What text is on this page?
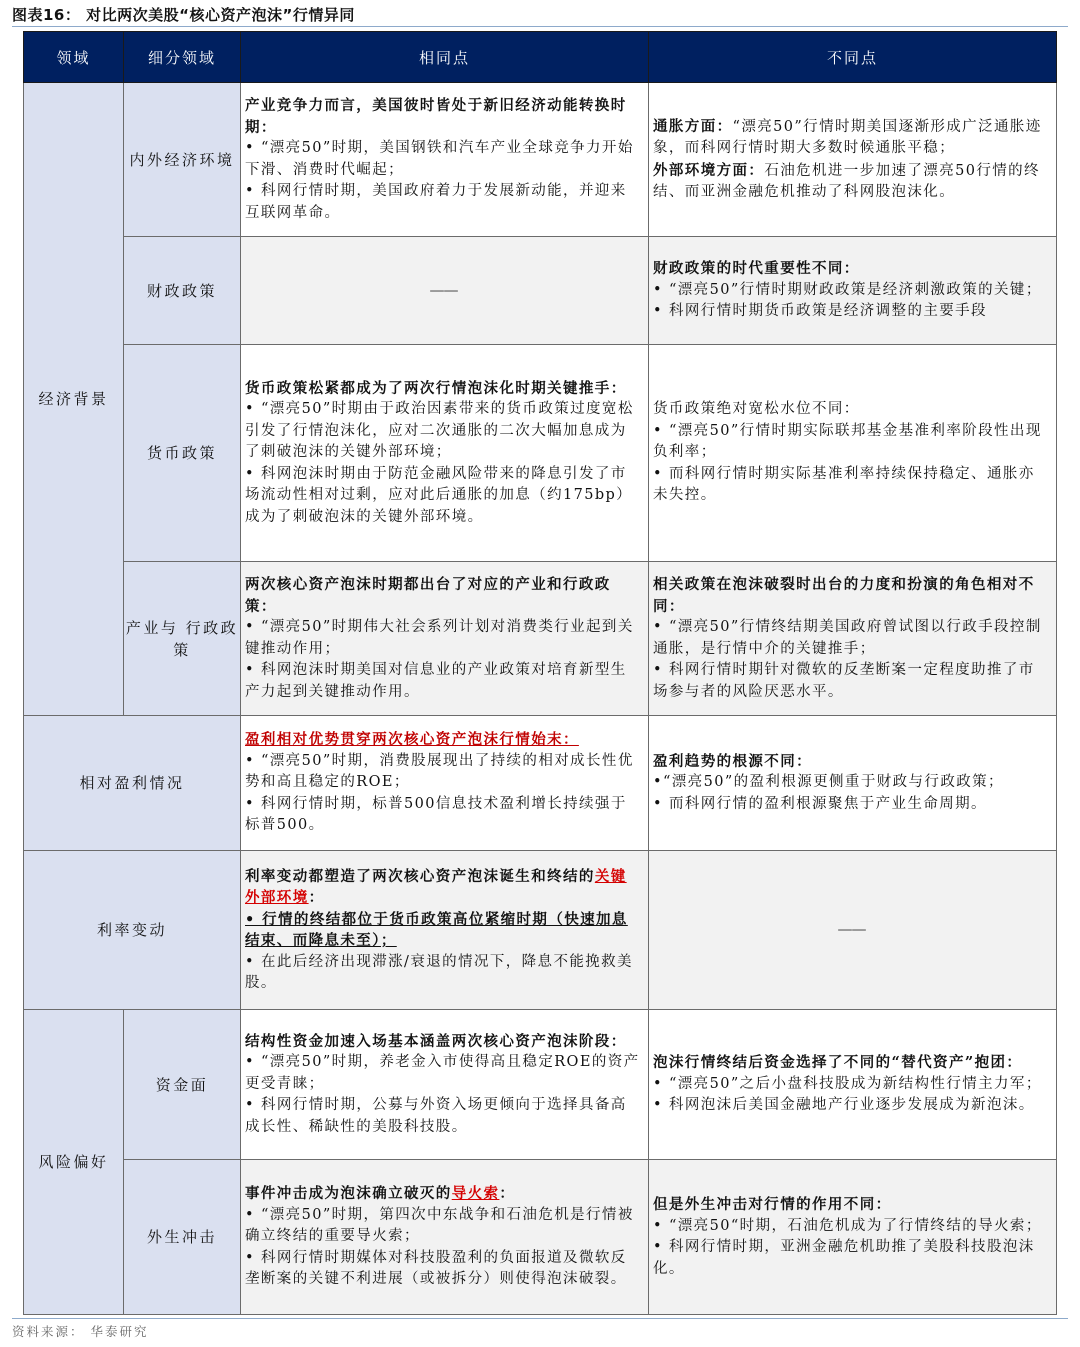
图表16： 对比两次美股“核心资产泡沫”行情异同
领域	细分领域	相同点	不同点
经济背景	内外经济环境	产业竞争力而言，美国彼时皆处于新旧经济动能转换时期：
• “漂亮50”时期，美国钢铁和汽车产业全球竞争力开始下滑、消费时代崛起；
• 科网行情时期，美国政府着力于发展新动能，并迎来互联网革命。	通胀方面：“漂亮50”行情时期美国逐渐形成广泛通胀迹象，而科网行情时期大多数时候通胀平稳；
外部环境方面：石油危机进一步加速了漂亮50行情的终结、而亚洲金融危机推动了科网股泡沫化。

	财政政策	——	财政政策的时代重要性不同：
• “漂亮50”行情时期财政政策是经济刺激政策的关键；
• 科网行情时期货币政策是经济调整的主要手段

	货币政策	货币政策松紧都成为了两次行情泡沫化时期关键推手：
• “漂亮50”时期由于政治因素带来的货币政策过度宽松引发了行情泡沫化，应对二次通胀的二次大幅加息成为了刺破泡沫的关键外部环境；
• 科网泡沫时期由于防范金融风险带来的降息引发了市场流动性相对过剩，应对此后通胀的加息（约175bp）成为了刺破泡沫的关键外部环境。	货币政策绝对宽松水位不同：
• “漂亮50”行情时期实际联邦基金基准利率阶段性出现负利率；
• 而科网行情时期实际基准利率持续保持稳定、通胀亦未失控。

	产业与 行政政策	两次核心资产泡沫时期都出台了对应的产业和行政政策：
• “漂亮50”时期伟大社会系列计划对消费类行业起到关键推动作用；
• 科网泡沫时期美国对信息业的产业政策对培育新型生产力起到关键推动作用。	相关政策在泡沫破裂时出台的力度和扮演的角色相对不同：
• “漂亮50”行情终结期美国政府曾试图以行政手段控制通胀，是行情中介的关键推手；
• 科网行情时期针对微软的反垄断案一定程度助推了市场参与者的风险厌恶水平。

相对盈利情况		盈利相对优势贯穿两次核心资产泡沫行情始末：
• “漂亮50”时期，消费股展现出了持续的相对成长性优势和高且稳定的ROE；
• 科网行情时期，标普500信息技术盈利增长持续强于标普500。	盈利趋势的根源不同：
•“漂亮50”的盈利根源更侧重于财政与行政政策；
• 而科网行情的盈利根源聚焦于产业生命周期。

利率变动		利率变动都塑造了两次核心资产泡沫诞生和终结的关键外部环境：
• 行情的终结都位于货币政策高位紧缩时期（快速加息结束、而降息未至）；
• 在此后经济出现滞涨/衰退的情况下，降息不能挽救美股。	——
风险偏好	资金面	结构性资金加速入场基本涵盖两次核心资产泡沫阶段：
• “漂亮50”时期，养老金入市使得高且稳定ROE的资产更受青睐；
• 科网行情时期，公募与外资入场更倾向于选择具备高成长性、稀缺性的美股科技股。	泡沫行情终结后资金选择了不同的“替代资产”抱团：
• “漂亮50”之后小盘科技股成为新结构性行情主力军；
• 科网泡沫后美国金融地产行业逐步发展成为新泡沫。

	外生冲击	事件冲击成为泡沫确立破灭的导火索：
• “漂亮50”时期，第四次中东战争和石油危机是行情被确立终结的重要导火索；
• 科网行情时期媒体对科技股盈利的负面报道及微软反垄断案的关键不利进展（或被拆分）则使得泡沫破裂。	但是外生冲击对行情的作用不同：
• “漂亮50“时期，石油危机成为了行情终结的导火索；
• 科网行情时期，亚洲金融危机助推了美股科技股泡沫化。
资料来源： 华泰研究
